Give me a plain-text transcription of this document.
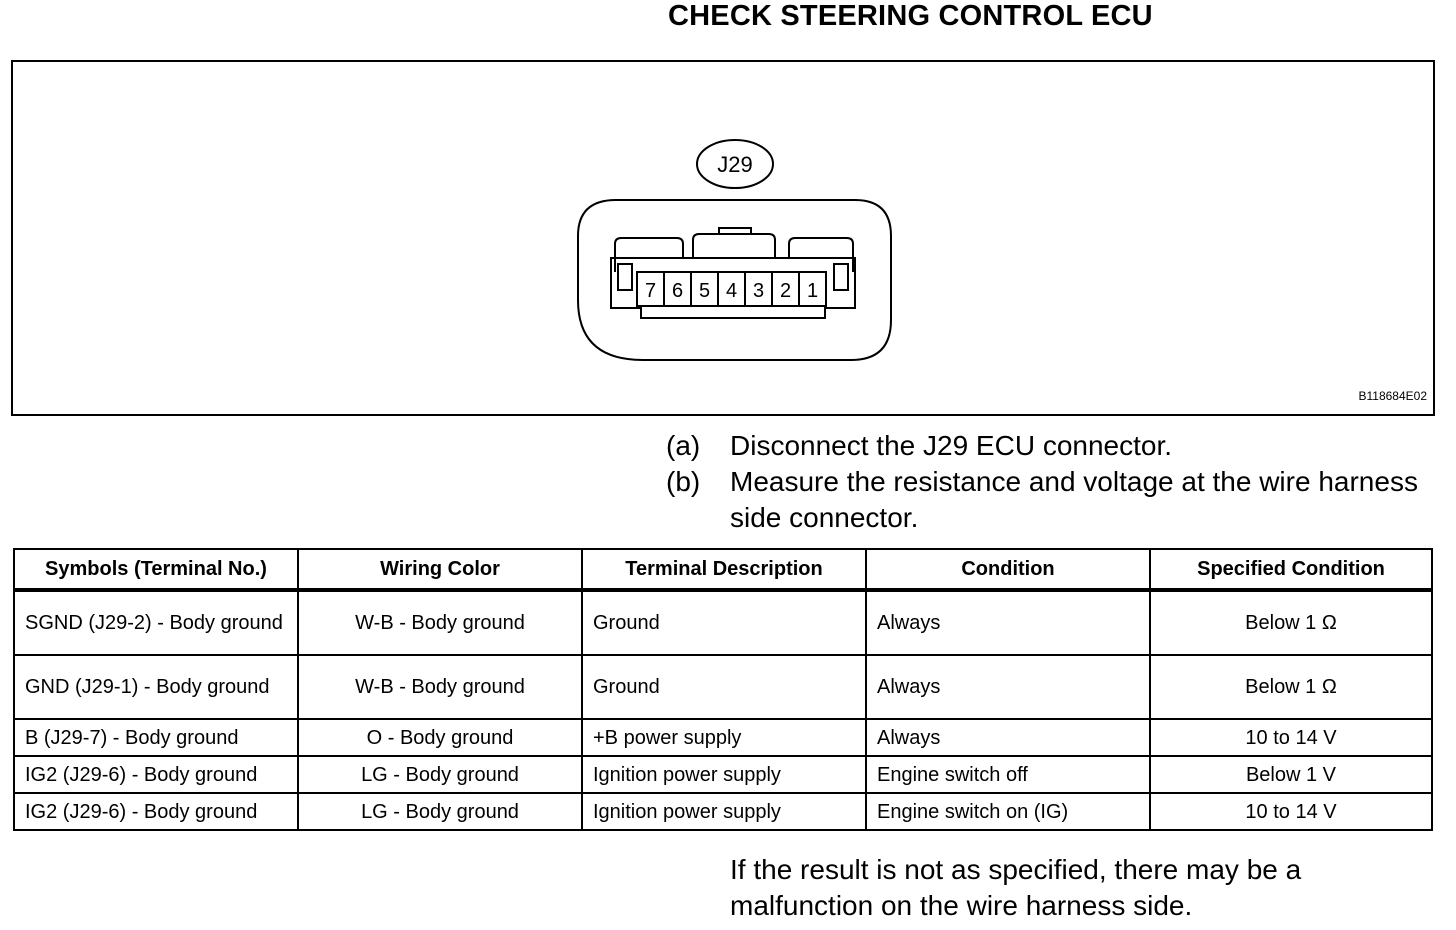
CHECK STEERING CONTROL ECU
J29
7 6 5 4 3 2 1
B118684E02
(a)	Disconnect the J29 ECU connector.
(b)	Measure the resistance and voltage at the wire harness side connector.
Symbols (Terminal No.)	Wiring Color	Terminal Description	Condition	Specified Condition
SGND (J29-2) - Body ground	W-B - Body ground	Ground	Always	Below 1 Ω
GND (J29-1) - Body ground	W-B - Body ground	Ground	Always	Below 1 Ω
B (J29-7) - Body ground	O - Body ground	+B power supply	Always	10 to 14 V
IG2 (J29-6) - Body ground	LG - Body ground	Ignition power supply	Engine switch off	Below 1 V
IG2 (J29-6) - Body ground	LG - Body ground	Ignition power supply	Engine switch on (IG)	10 to 14 V
If the result is not as specified, there may be a malfunction on the wire harness side.
